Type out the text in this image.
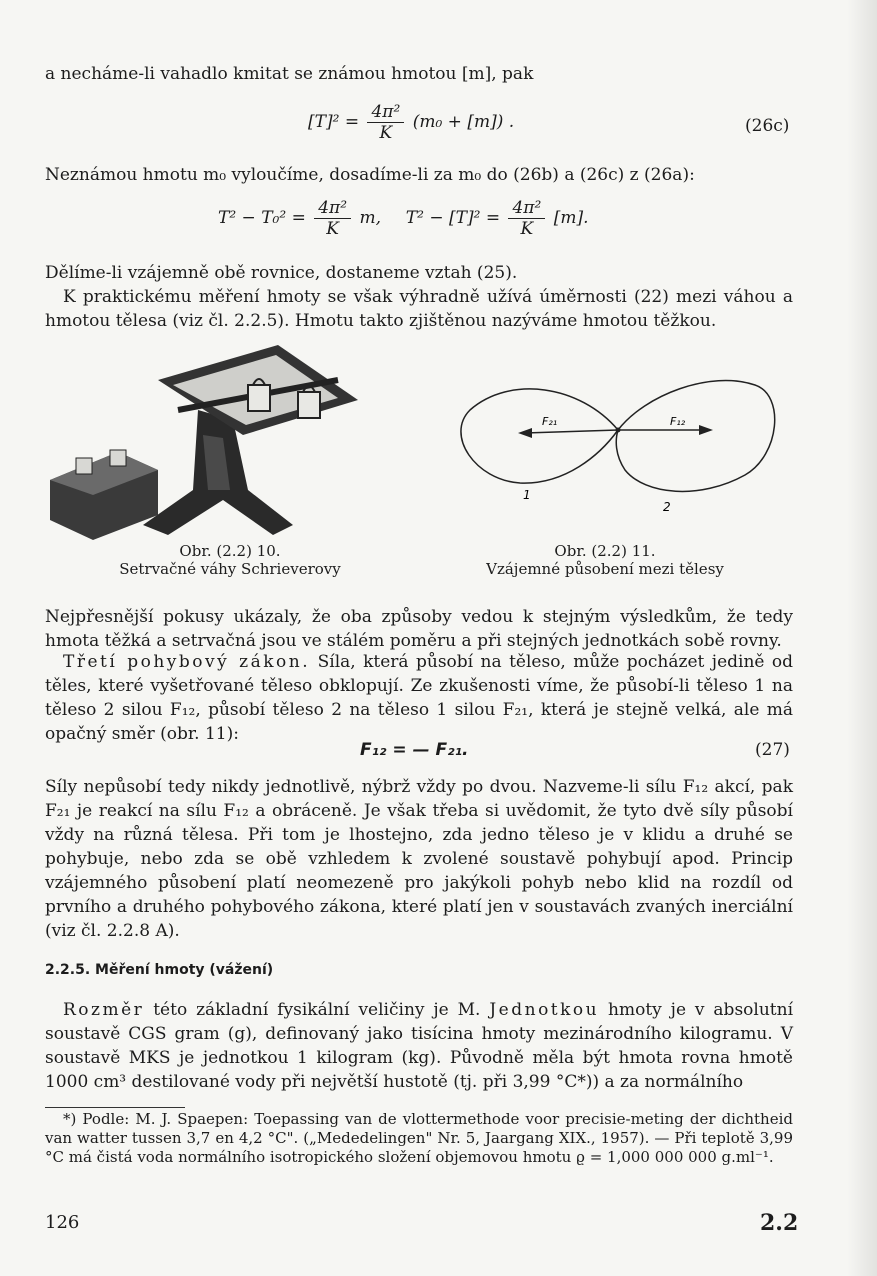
a necháme-li vahadlo kmitat se známou hmotou [m], pak
$[T]^2 = \frac{\text{4π²}}{K} (m_0 + [m])$ .	(26c)
Neznámou hmotu m₀ vyloučíme, dosadíme-li za m₀ do (26b) a (26c) z (26a):
$T^2 - T_0^2 = \frac{\text{4π²}}{K} m$, $T^2 - [T]^2 = \frac{\text{4π²}}{K} [m]$.
Dělíme-li vzájemně obě rovnice, dostaneme vztah (25).

K praktickému měření hmoty se však výhradně užívá úměrnosti (22) mezi váhou a hmotou tělesa (viz čl. 2.2.5). Hmotu takto zjištěnou nazýváme hmotou těžkou.

Obr. (2.2) 10.
Setrvačné váhy Schrieverovy
F₂₁	F₁₂
1
2
Obr. (2.2) 11.
Vzájemné působení mezi tělesy

Nejpřesnější pokusy ukázaly, že oba způsoby vedou k stejným výsledkům, že tedy hmota těžká a setrvačná jsou ve stálém poměru a při stejných jednotkách sobě rovny.

Třetí pohybový zákon. Síla, která působí na těleso, může pocházet jedině od těles, které vyšetřované těleso obklopují. Ze zkušenosti víme, že působí-li těleso 1 na těleso 2 silou F₁₂, působí těleso 2 na těleso 1 silou F₂₁, která je stejně velká, ale má opačný směr (obr. 11):

F₁₂ = — F₂₁.	(27)

Síly nepůsobí tedy nikdy jednotlivě, nýbrž vždy po dvou. Nazveme-li sílu F₁₂ akcí, pak F₂₁ je reakcí na sílu F₁₂ a obráceně. Je však třeba si uvědomit, že tyto dvě síly působí vždy na různá tělesa. Při tom je lhostejno, zda jedno těleso je v klidu a druhé se pohybuje, nebo zda se obě vzhledem k zvolené soustavě pohybují apod. Princip vzájemného působení platí neomezeně pro jakýkoli pohyb nebo klid na rozdíl od prvního a druhého pohybového zákona, které platí jen v soustavách zvaných inerciální (viz čl. 2.2.8 A).

2.2.5. Měření hmoty (vážení)

Rozměr této základní fysikální veličiny je M. Jednotkou hmoty je v absolutní soustavě CGS gram (g), definovaný jako tisícina hmoty mezinárodního kilogramu. V soustavě MKS je jednotkou 1 kilogram (kg). Původně měla být hmota rovna hmotě 1000 cm³ destilované vody při největší hustotě (tj. při 3,99 °C*)) a za normálního

*) Podle: M. J. Spaepen: Toepassing van de vlottermethode voor precisie-meting der dichtheid van watter tussen 3,7 en 4,2 °C". („Mededelingen" Nr. 5, Jaargang XIX., 1957). — Při teplotě 3,99 °C má čistá voda normálního isotropického složení objemovou hmotu ϱ = 1,000 000 000 g.ml⁻¹.

126	2.2
